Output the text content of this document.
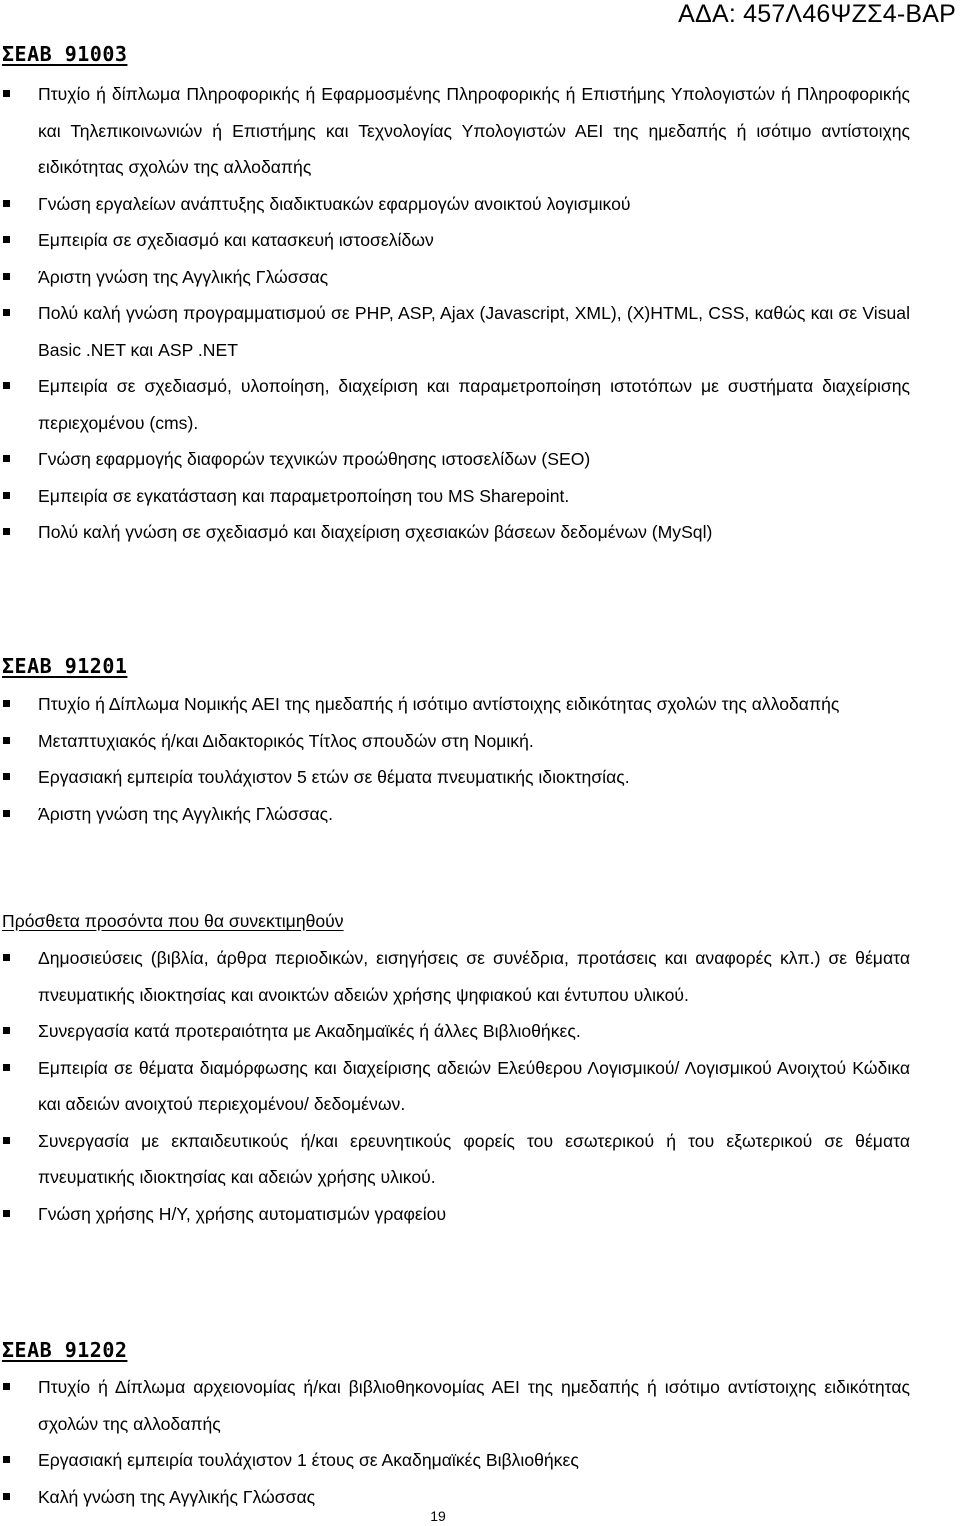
ΑΔΑ: 457Λ46ΨΖΣ4-ΒΑΡ
ΣΕΑΒ 91003
Πτυχίο ή δίπλωμα Πληροφορικής ή Εφαρμοσμένης Πληροφορικής ή Επιστήμης Υπολογιστών ή Πληροφορικής και Τηλεπικοινωνιών ή Επιστήμης και Τεχνολογίας Υπολογιστών ΑΕΙ της ημεδαπής ή ισότιμο αντίστοιχης ειδικότητας σχολών της αλλοδαπής
Γνώση εργαλείων ανάπτυξης διαδικτυακών εφαρμογών ανοικτού λογισμικού
Εμπειρία σε σχεδιασμό και κατασκευή ιστοσελίδων
Άριστη γνώση της Αγγλικής Γλώσσας
Πολύ καλή γνώση προγραμματισμού σε PHP, ASP, Ajax (Javascript, XML), (X)HTML, CSS, καθώς και σε Visual Basic .NET και ASP .NET
Εμπειρία σε σχεδιασμό, υλοποίηση, διαχείριση και παραμετροποίηση ιστοτόπων με συστήματα διαχείρισης περιεχομένου (cms).
Γνώση εφαρμογής διαφορών τεχνικών προώθησης ιστοσελίδων (SEO)
Εμπειρία σε εγκατάσταση και παραμετροποίηση του MS Sharepoint.
Πολύ καλή γνώση σε σχεδιασμό και διαχείριση σχεσιακών βάσεων δεδομένων (MySql)
ΣΕΑΒ 91201
Πτυχίο ή Δίπλωμα Νομικής ΑΕΙ της ημεδαπής ή ισότιμο αντίστοιχης ειδικότητας σχολών της αλλοδαπής
Μεταπτυχιακός ή/και Διδακτορικός Τίτλος σπουδών στη Νομική.
Εργασιακή εμπειρία τουλάχιστον 5 ετών σε θέματα πνευματικής ιδιοκτησίας.
Άριστη γνώση της Αγγλικής Γλώσσας.
Πρόσθετα προσόντα που θα συνεκτιμηθούν
Δημοσιεύσεις (βιβλία, άρθρα περιοδικών, εισηγήσεις σε συνέδρια, προτάσεις και αναφορές κλπ.) σε θέματα πνευματικής ιδιοκτησίας και ανοικτών αδειών χρήσης ψηφιακού και έντυπου υλικού.
Συνεργασία κατά προτεραιότητα με Ακαδημαϊκές ή άλλες Βιβλιοθήκες.
Εμπειρία σε θέματα διαμόρφωσης και διαχείρισης αδειών Ελεύθερου Λογισμικού/ Λογισμικού Ανοιχτού Κώδικα και αδειών ανοιχτού περιεχομένου/ δεδομένων.
Συνεργασία με εκπαιδευτικούς ή/και ερευνητικούς φορείς του εσωτερικού ή του εξωτερικού σε θέματα πνευματικής ιδιοκτησίας και αδειών χρήσης υλικού.
Γνώση χρήσης Η/Υ, χρήσης αυτοματισμών γραφείου
ΣΕΑΒ 91202
Πτυχίο ή Δίπλωμα αρχειονομίας ή/και βιβλιοθηκονομίας ΑΕΙ της ημεδαπής ή ισότιμο αντίστοιχης ειδικότητας σχολών της αλλοδαπής
Εργασιακή εμπειρία τουλάχιστον 1 έτους σε Ακαδημαϊκές Βιβλιοθήκες
Καλή γνώση της Αγγλικής Γλώσσας
19
